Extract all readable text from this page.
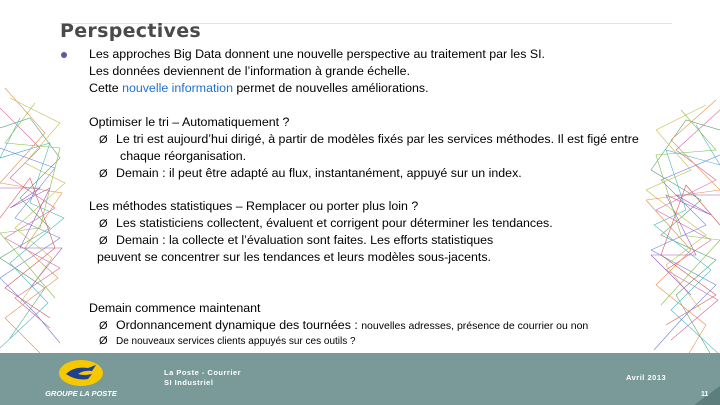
Perspectives
Les approches Big Data donnent une nouvelle perspective au traitement par les SI.
Les données deviennent de l’information à grande échelle.
Cette nouvelle information permet de nouvelles améliorations.
Optimiser le tri – Automatiquement ?
Ø Le tri est aujourd’hui dirigé, à partir de modèles fixés par les services méthodes. Il est figé entre
chaque réorganisation.
Ø Demain : il peut être adapté au flux, instantanément, appuyé sur un index.
Les méthodes statistiques – Remplacer ou porter plus loin ?
Ø Les statisticiens collectent, évaluent et corrigent pour déterminer les tendances.
Ø Demain : la collecte et l’évaluation sont faites. Les efforts statistiques
peuvent se concentrer sur les tendances et leurs modèles sous-jacents.
Demain commence maintenant
Ø Ordonnancement dynamique des tournées : nouvelles adresses, présence de courrier ou non
Ø De nouveaux services clients appuyés sur ces outils ?
GROUPE LA POSTE
La Poste - Courrier
SI Industriel
Avril 2013
11
